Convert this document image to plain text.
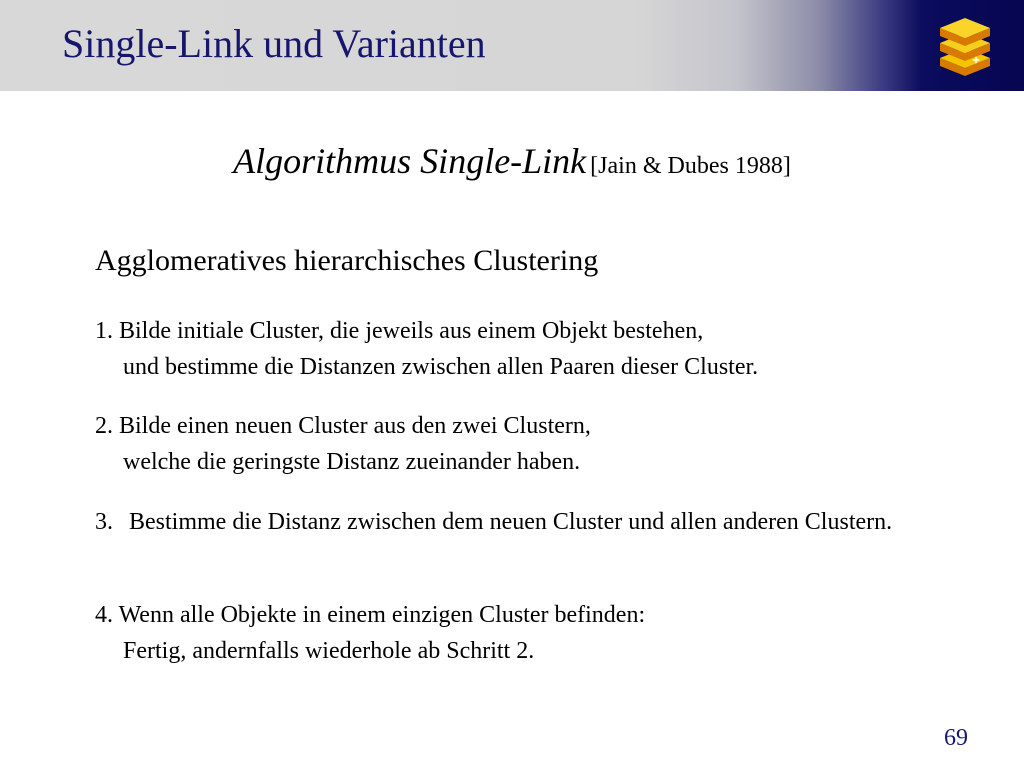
Single-Link und Varianten
Algorithmus Single-Link [Jain & Dubes 1988]
Agglomeratives hierarchisches Clustering
1. Bilde initiale Cluster, die jeweils aus einem Objekt bestehen,
und bestimme die Distanzen zwischen allen Paaren dieser Cluster.
2. Bilde einen neuen Cluster aus den zwei Clustern,
welche die geringste Distanz zueinander haben.
3. Bestimme die Distanz zwischen dem neuen Cluster und allen anderen Clustern.
4. Wenn alle Objekte in einem einzigen Cluster befinden:
Fertig, andernfalls wiederhole ab Schritt 2.
69
